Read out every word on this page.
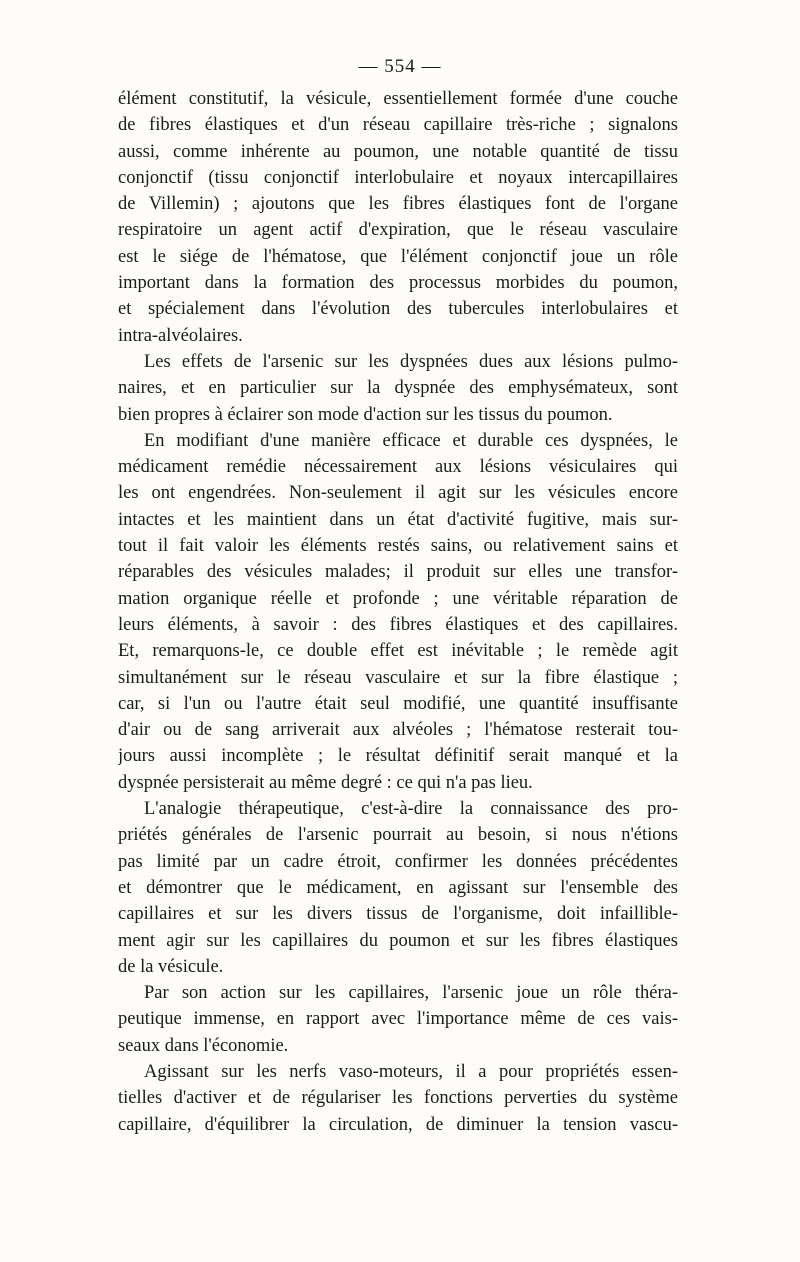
— 554 —
élément constitutif, la vésicule, essentiellement formée d'une couche
de fibres élastiques et d'un réseau capillaire très-riche ; signalons
aussi, comme inhérente au poumon, une notable quantité de tissu
conjonctif (tissu conjonctif interlobulaire et noyaux intercapillaires
de Villemin) ; ajoutons que les fibres élastiques font de l'organe
respiratoire un agent actif d'expiration, que le réseau vasculaire
est le siége de l'hématose, que l'élément conjonctif joue un rôle
important dans la formation des processus morbides du poumon,
et spécialement dans l'évolution des tubercules interlobulaires et
intra-alvéolaires.
Les effets de l'arsenic sur les dyspnées dues aux lésions pulmo-
naires, et en particulier sur la dyspnée des emphysémateux, sont
bien propres à éclairer son mode d'action sur les tissus du poumon.
En modifiant d'une manière efficace et durable ces dyspnées, le
médicament remédie nécessairement aux lésions vésiculaires qui
les ont engendrées. Non-seulement il agit sur les vésicules encore
intactes et les maintient dans un état d'activité fugitive, mais sur-
tout il fait valoir les éléments restés sains, ou relativement sains et
réparables des vésicules malades; il produit sur elles une transfor-
mation organique réelle et profonde ; une véritable réparation de
leurs éléments, à savoir : des fibres élastiques et des capillaires.
Et, remarquons-le, ce double effet est inévitable ; le remède agit
simultanément sur le réseau vasculaire et sur la fibre élastique ;
car, si l'un ou l'autre était seul modifié, une quantité insuffisante
d'air ou de sang arriverait aux alvéoles ; l'hématose resterait tou-
jours aussi incomplète ; le résultat définitif serait manqué et la
dyspnée persisterait au même degré : ce qui n'a pas lieu.
L'analogie thérapeutique, c'est-à-dire la connaissance des pro-
priétés générales de l'arsenic pourrait au besoin, si nous n'étions
pas limité par un cadre étroit, confirmer les données précédentes
et démontrer que le médicament, en agissant sur l'ensemble des
capillaires et sur les divers tissus de l'organisme, doit infaillible-
ment agir sur les capillaires du poumon et sur les fibres élastiques
de la vésicule.
Par son action sur les capillaires, l'arsenic joue un rôle théra-
peutique immense, en rapport avec l'importance même de ces vais-
seaux dans l'économie.
Agissant sur les nerfs vaso-moteurs, il a pour propriétés essen-
tielles d'activer et de régulariser les fonctions perverties du système
capillaire, d'équilibrer la circulation, de diminuer la tension vascu-
